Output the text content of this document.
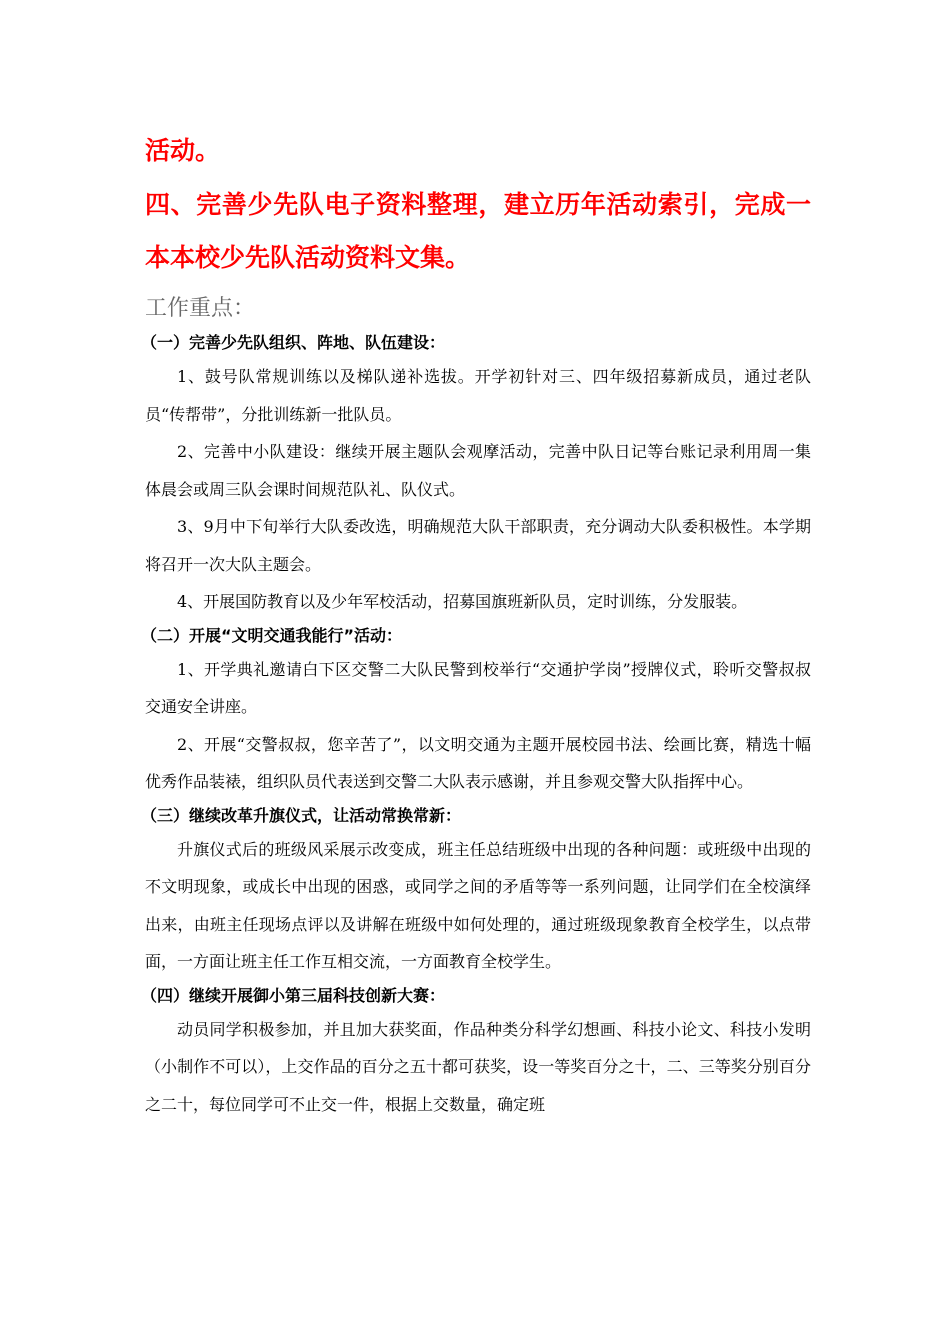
活动。

四、完善少先队电子资料整理，建立历年活动索引，完成一本本校少先队活动资料文集。

工作重点：

（一）完善少先队组织、阵地、队伍建设：

1、鼓号队常规训练以及梯队递补选拔。开学初针对三、四年级招募新成员，通过老队员“传帮带”，分批训练新一批队员。

2、完善中小队建设：继续开展主题队会观摩活动，完善中队日记等台账记录利用周一集体晨会或周三队会课时间规范队礼、队仪式。

3、9月中下旬举行大队委改选，明确规范大队干部职责，充分调动大队委积极性。本学期将召开一次大队主题会。

4、开展国防教育以及少年军校活动，招募国旗班新队员，定时训练，分发服装。

（二）开展“文明交通我能行”活动：

1、开学典礼邀请白下区交警二大队民警到校举行“交通护学岗”授牌仪式，聆听交警叔叔交通安全讲座。

2、开展“交警叔叔，您辛苦了”，以文明交通为主题开展校园书法、绘画比赛，精选十幅优秀作品装裱，组织队员代表送到交警二大队表示感谢，并且参观交警大队指挥中心。

（三）继续改革升旗仪式，让活动常换常新：

升旗仪式后的班级风采展示改变成，班主任总结班级中出现的各种问题：或班级中出现的不文明现象，或成长中出现的困惑，或同学之间的矛盾等等一系列问题，让同学们在全校演绎出来，由班主任现场点评以及讲解在班级中如何处理的，通过班级现象教育全校学生，以点带面，一方面让班主任工作互相交流，一方面教育全校学生。

（四）继续开展御小第三届科技创新大赛：

动员同学积极参加，并且加大获奖面，作品种类分科学幻想画、科技小论文、科技小发明（小制作不可以），上交作品的百分之五十都可获奖，设一等奖百分之十，二、三等奖分别百分之二十，每位同学可不止交一件，根据上交数量，确定班
